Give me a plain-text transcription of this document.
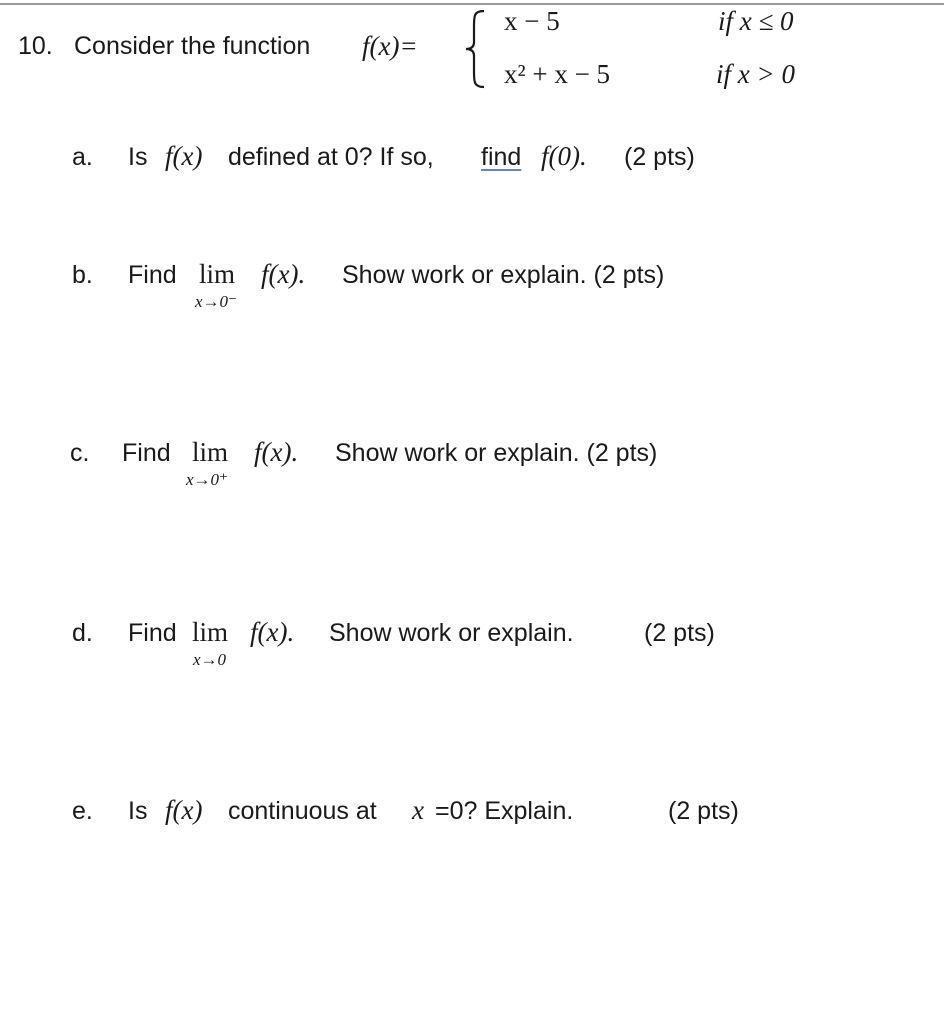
10. Consider the function f(x)=
x − 5	if x ≤ 0
x² + x − 5	if x > 0
a. Is f(x) defined at 0? If so, find f(0). (2 pts)
b. Find lim
x→0⁻
f(x). Show work or explain. (2 pts)
c. Find lim
x→0⁺
f(x). Show work or explain. (2 pts)
d. Find lim
x→0
f(x). Show work or explain.	(2 pts)
e. Is f(x) continuous at x =0? Explain.	(2 pts)
